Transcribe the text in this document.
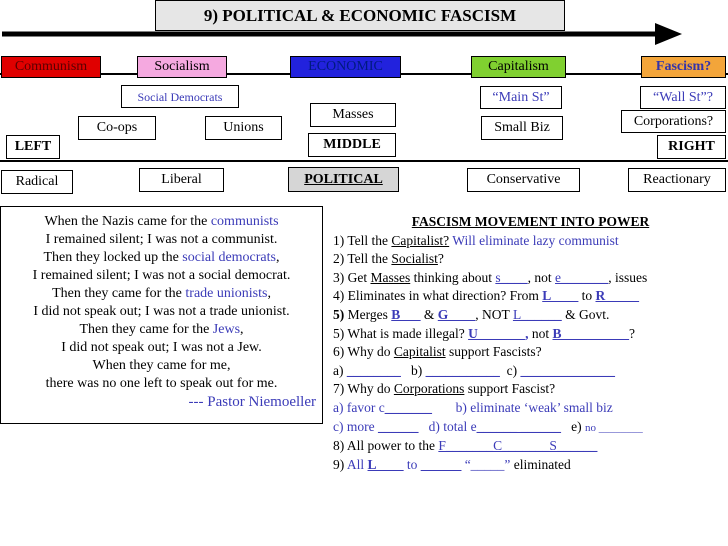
9) POLITICAL & ECONOMIC FASCISM
Communism	Socialism	ECONOMIC	Capitalism	Fascism?
Social Democrats	“Main St”	“Wall St”?
Masses	Corporations?
Co-ops	Unions	Small Biz
LEFT	MIDDLE	RIGHT
Radical	Liberal	POLITICAL	Conservative	Reactionary

When the Nazis came for the communists

I remained silent; I was not a communist.

Then they locked up the social democrats,

I remained silent; I was not a social democrat.

Then they came for the trade unionists,

I did not speak out; I was not a trade unionist.

Then they came for the Jews,

I did not speak out; I was not a Jew.

When they came for me,

there was no one left to speak out for me.

--- Pastor Niemoeller

FASCISM MOVEMENT INTO POWER

1) Tell the Capitalist? Will eliminate lazy communist

2) Tell the Socialist?

3) Get Masses thinking about s____, not e_______, issues

4) Eliminates in what direction? From L____ to R_____

5) Merges B___ & G____, NOT L______ & Govt.

5) What is made illegal? U_______, not B__________?

6) Why do Capitalist support Fascists?

a) ________   b) ___________  c) ______________

7) Why do Corporations support Fascist?

a) favor c_______       b) eliminate ‘weak’ small biz

c) more ______   d) total e______ ______   e) no ________

8) All power to the F_______C_______S______

9) All L____ to ______ “_____” eliminated
